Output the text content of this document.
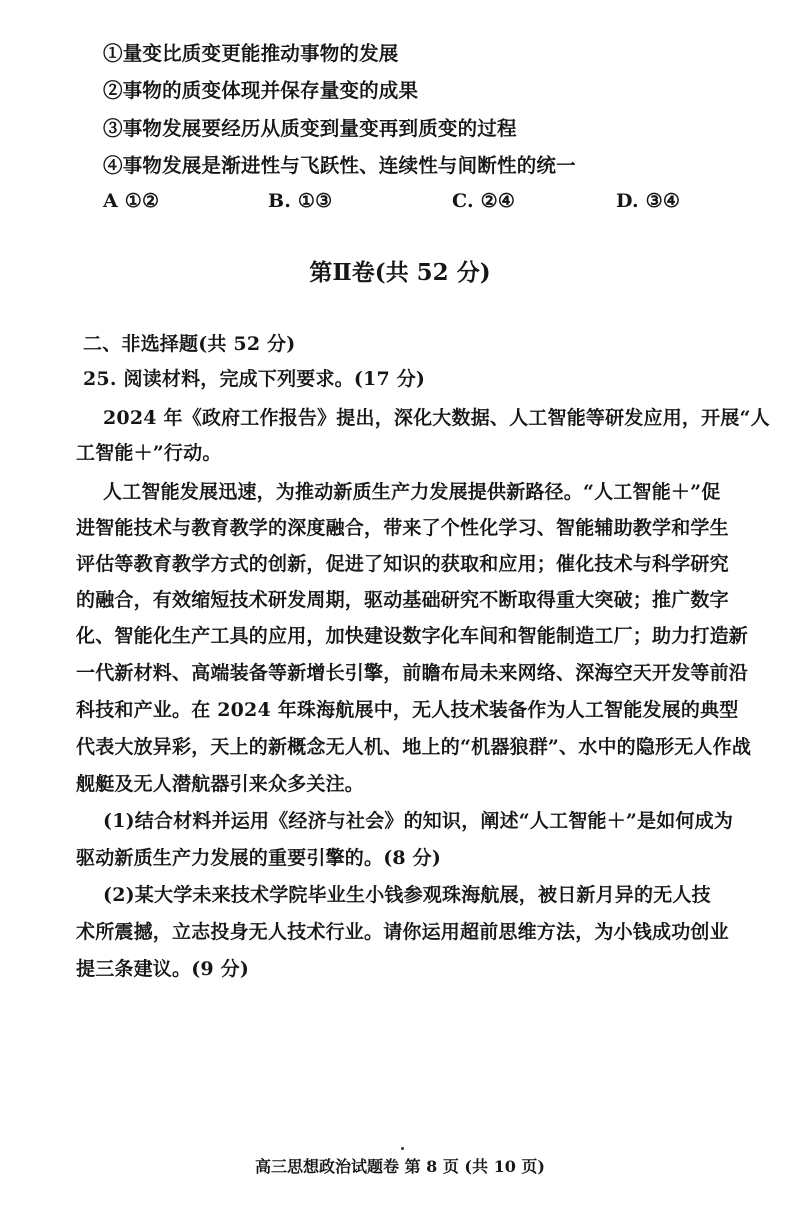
①量变比质变更能推动事物的发展
②事物的质变体现并保存量变的成果
③事物发展要经历从质变到量变再到质变的过程
④事物发展是渐进性与飞跃性、连续性与间断性的统一
A ①②	B. ①③	C. ②④	D. ③④
第Ⅱ卷(共 52 分)
二、非选择题(共 52 分)
25. 阅读材料，完成下列要求。(17 分)
2024 年《政府工作报告》提出，深化大数据、人工智能等研发应用，开展“人
工智能＋”行动。
人工智能发展迅速，为推动新质生产力发展提供新路径。“人工智能＋”促
进智能技术与教育教学的深度融合，带来了个性化学习、智能辅助教学和学生
评估等教育教学方式的创新，促进了知识的获取和应用；催化技术与科学研究
的融合，有效缩短技术研发周期，驱动基础研究不断取得重大突破；推广数字
化、智能化生产工具的应用，加快建设数字化车间和智能制造工厂；助力打造新
一代新材料、高端装备等新增长引擎，前瞻布局未来网络、深海空天开发等前沿
科技和产业。在 2024 年珠海航展中，无人技术装备作为人工智能发展的典型
代表大放异彩，天上的新概念无人机、地上的“机器狼群”、水中的隐形无人作战
舰艇及无人潜航器引来众多关注。
(1)结合材料并运用《经济与社会》的知识，阐述“人工智能＋”是如何成为
驱动新质生产力发展的重要引擎的。(8 分)
(2)某大学未来技术学院毕业生小钱参观珠海航展，被日新月异的无人技
术所震撼，立志投身无人技术行业。请你运用超前思维方法，为小钱成功创业
提三条建议。(9 分)
高三思想政治试题卷 第 8 页 (共 10 页)
